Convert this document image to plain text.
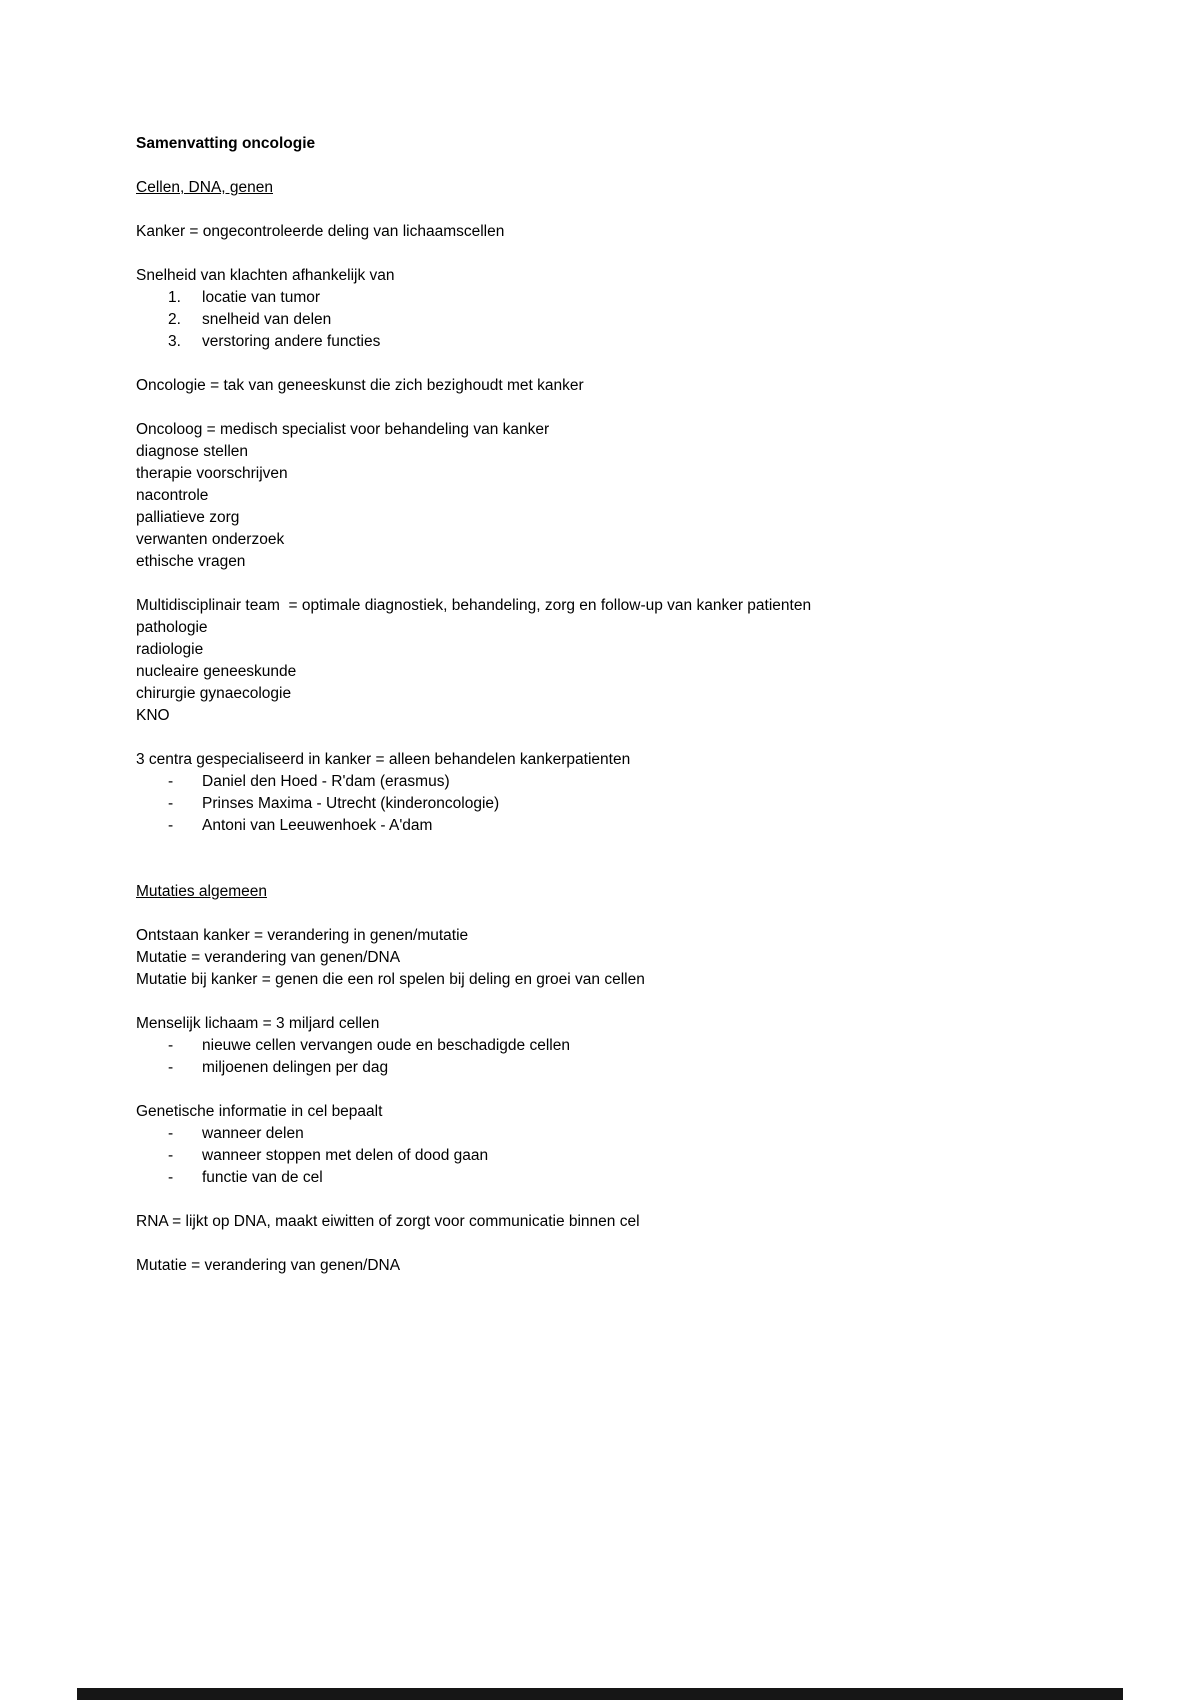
Samenvatting oncologie
Cellen, DNA, genen
Kanker = ongecontroleerde deling van lichaamscellen
Snelheid van klachten afhankelijk van
1. locatie van tumor
2. snelheid van delen
3. verstoring andere functies
Oncologie = tak van geneeskunst die zich bezighoudt met kanker
Oncoloog = medisch specialist voor behandeling van kanker
diagnose stellen
therapie voorschrijven
nacontrole
palliatieve zorg
verwanten onderzoek
ethische vragen
Multidisciplinair team  = optimale diagnostiek, behandeling, zorg en follow-up van kanker patienten
pathologie
radiologie
nucleaire geneeskunde
chirurgie gynaecologie
KNO
3 centra gespecialiseerd in kanker = alleen behandelen kankerpatienten
- Daniel den Hoed - R'dam (erasmus)
- Prinses Maxima - Utrecht (kinderoncologie)
- Antoni van Leeuwenhoek - A'dam
Mutaties algemeen
Ontstaan kanker = verandering in genen/mutatie
Mutatie = verandering van genen/DNA
Mutatie bij kanker = genen die een rol spelen bij deling en groei van cellen
Menselijk lichaam = 3 miljard cellen
- nieuwe cellen vervangen oude en beschadigde cellen
- miljoenen delingen per dag
Genetische informatie in cel bepaalt
- wanneer delen
- wanneer stoppen met delen of dood gaan
- functie van de cel
RNA = lijkt op DNA, maakt eiwitten of zorgt voor communicatie binnen cel
Mutatie = verandering van genen/DNA
